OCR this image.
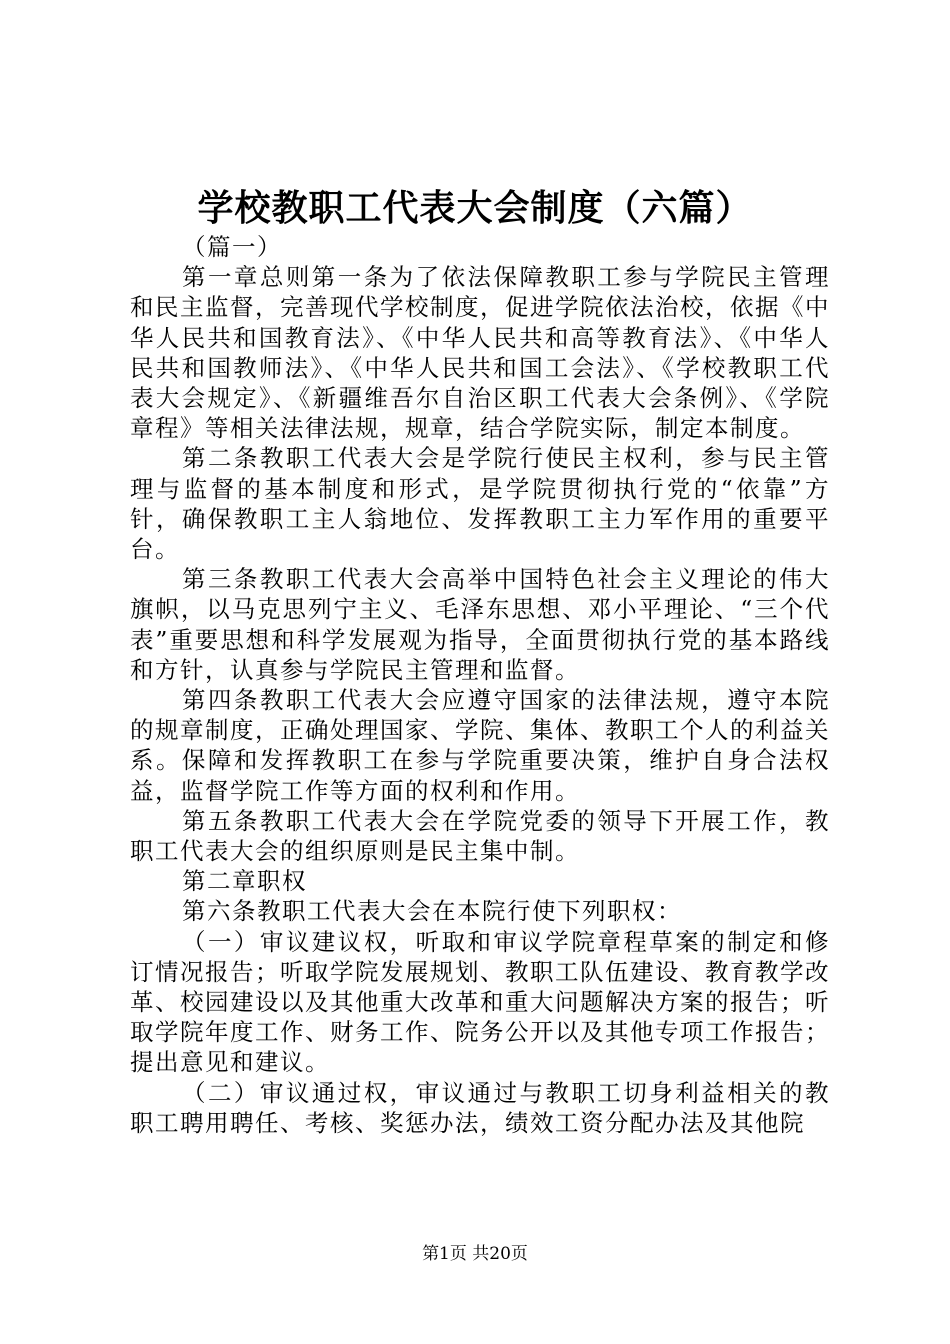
学校教职工代表大会制度（六篇）

（篇一）

第一章总则第一条为了依法保障教职工参与学院民主管理和民主监督，完善现代学校制度，促进学院依法治校，依据《中华人民共和国教育法》、《中华人民共和高等教育法》、《中华人民共和国教师法》、《中华人民共和国工会法》、《学校教职工代表大会规定》、《新疆维吾尔自治区职工代表大会条例》、《学院章程》等相关法律法规，规章，结合学院实际，制定本制度。

第二条教职工代表大会是学院行使民主权利，参与民主管理与监督的基本制度和形式，是学院贯彻执行党的“依靠”方针，确保教职工主人翁地位、发挥教职工主力军作用的重要平台。

第三条教职工代表大会高举中国特色社会主义理论的伟大旗帜，以马克思列宁主义、毛泽东思想、邓小平理论、“三个代表”重要思想和科学发展观为指导，全面贯彻执行党的基本路线和方针，认真参与学院民主管理和监督。

第四条教职工代表大会应遵守国家的法律法规，遵守本院的规章制度，正确处理国家、学院、集体、教职工个人的利益关系。保障和发挥教职工在参与学院重要决策，维护自身合法权益，监督学院工作等方面的权利和作用。

第五条教职工代表大会在学院党委的领导下开展工作，教职工代表大会的组织原则是民主集中制。

第二章职权

第六条教职工代表大会在本院行使下列职权：

（一）审议建议权，听取和审议学院章程草案的制定和修订情况报告；听取学院发展规划、教职工队伍建设、教育教学改革、校园建设以及其他重大改革和重大问题解决方案的报告；听取学院年度工作、财务工作、院务公开以及其他专项工作报告；提出意见和建议。

（二）审议通过权，审议通过与教职工切身利益相关的教职工聘用聘任、考核、奖惩办法，绩效工资分配办法及其他院

第1页 共20页
